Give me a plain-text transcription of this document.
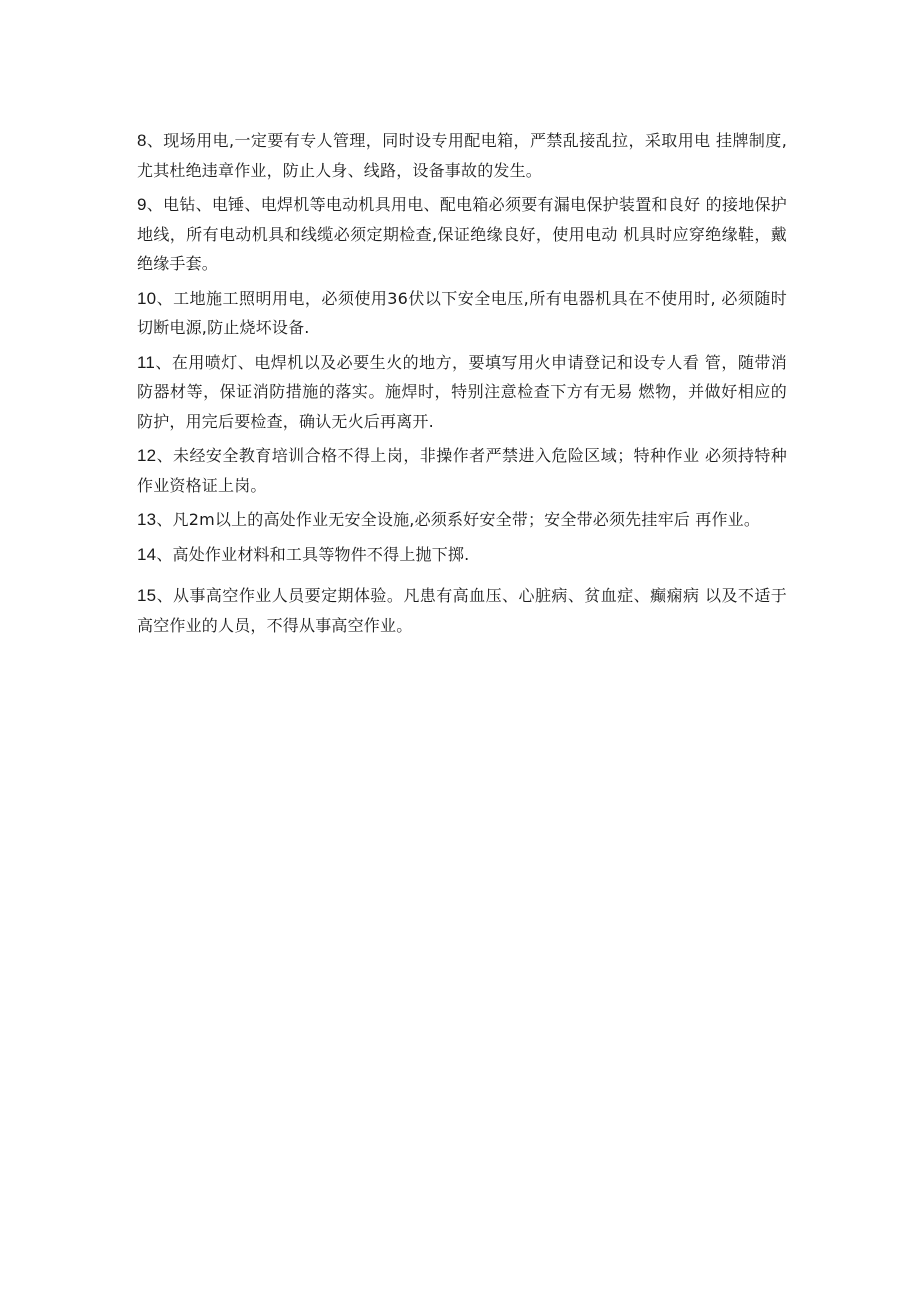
8、现场用电,一定要有专人管理，同时设专用配电箱，严禁乱接乱拉，采取用电 挂牌制度,尤其杜绝违章作业，防止人身、线路，设备事故的发生。

9、电钻、电锤、电焊机等电动机具用电、配电箱必须要有漏电保护装置和良好 的接地保护地线，所有电动机具和线缆必须定期检查,保证绝缘良好，使用电动 机具时应穿绝缘鞋，戴绝缘手套。

10、工地施工照明用电，必须使用36伏以下安全电压,所有电器机具在不使用时, 必须随时切断电源,防止烧坏设备.

11、在用喷灯、电焊机以及必要生火的地方，要填写用火申请登记和设专人看 管，随带消防器材等，保证消防措施的落实。施焊时，特别注意检查下方有无易 燃物，并做好相应的防护，用完后要检查，确认无火后再离开.

12、未经安全教育培训合格不得上岗，非操作者严禁进入危险区域；特种作业 必须持特种作业资格证上岗。

13、凡2m以上的高处作业无安全设施,必须系好安全带；安全带必须先挂牢后 再作业。

14、高处作业材料和工具等物件不得上抛下掷.

15、从事高空作业人员要定期体验。凡患有高血压、心脏病、贫血症、癫痫病 以及不适于高空作业的人员，不得从事高空作业。
